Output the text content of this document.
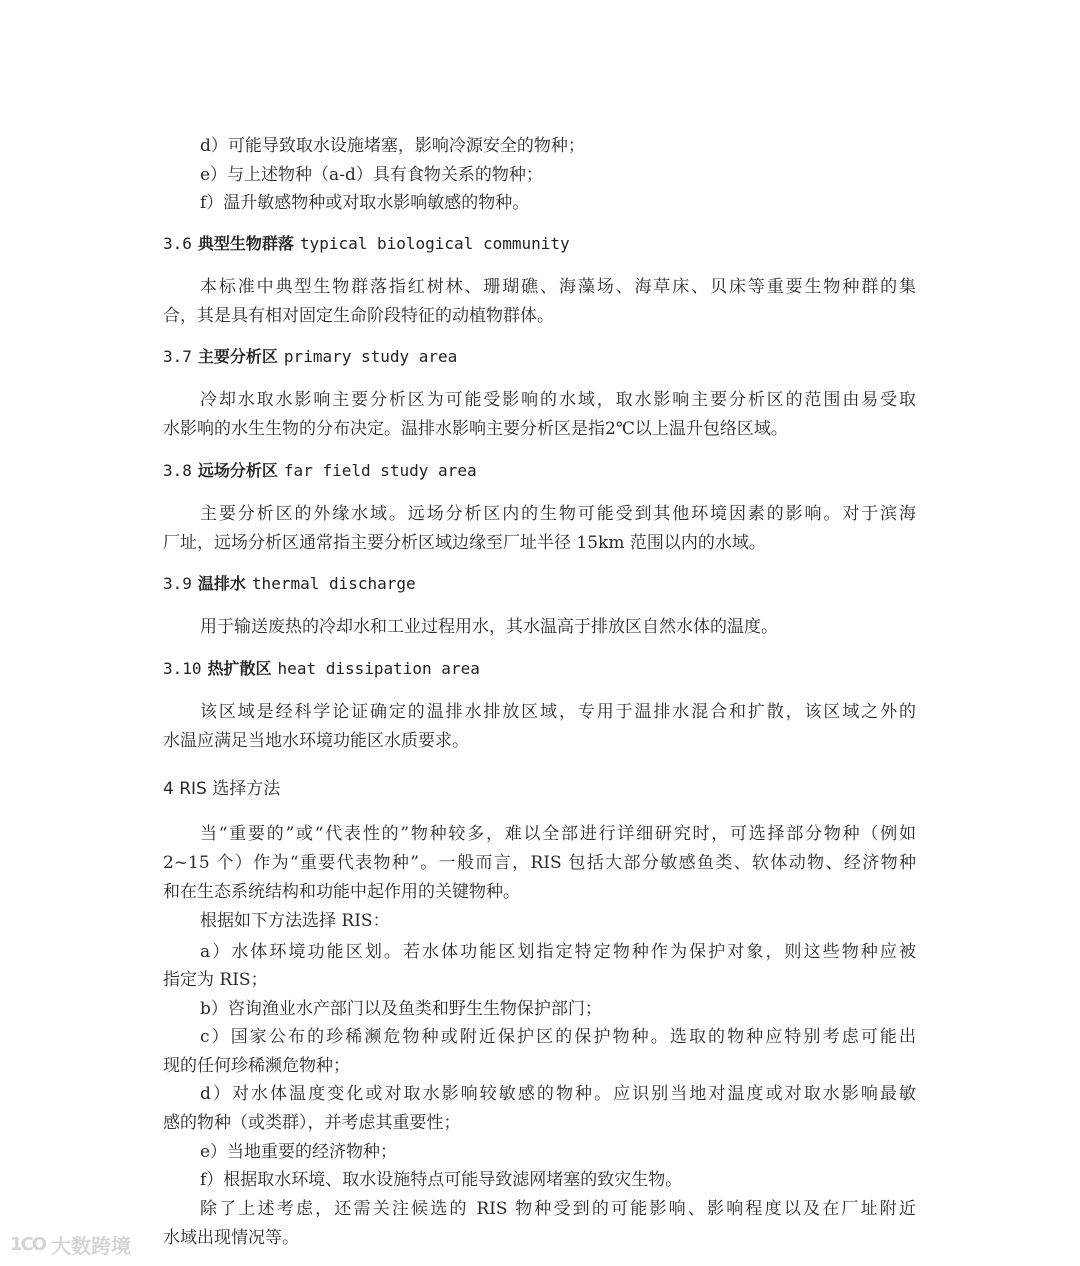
d）可能导致取水设施堵塞，影响冷源安全的物种；
e）与上述物种（a-d）具有食物关系的物种；
f）温升敏感物种或对取水影响敏感的物种。
3.6 典型生物群落 typical biological community
本标准中典型生物群落指红树林、珊瑚礁、海藻场、海草床、贝床等重要生物种群的集
合，其是具有相对固定生命阶段特征的动植物群体。
3.7 主要分析区 primary study area
冷却水取水影响主要分析区为可能受影响的水域，取水影响主要分析区的范围由易受取
水影响的水生生物的分布决定。温排水影响主要分析区是指2℃以上温升包络区域。
3.8 远场分析区 far field study area
主要分析区的外缘水域。远场分析区内的生物可能受到其他环境因素的影响。对于滨海
厂址，远场分析区通常指主要分析区域边缘至厂址半径 15km 范围以内的水域。
3.9 温排水 thermal discharge
用于输送废热的冷却水和工业过程用水，其水温高于排放区自然水体的温度。
3.10 热扩散区 heat dissipation area
该区域是经科学论证确定的温排水排放区域，专用于温排水混合和扩散，该区域之外的
水温应满足当地水环境功能区水质要求。
4 RIS 选择方法
当“重要的”或“代表性的”物种较多，难以全部进行详细研究时，可选择部分物种（例如
2~15 个）作为“重要代表物种”。一般而言，RIS 包括大部分敏感鱼类、软体动物、经济物种
和在生态系统结构和功能中起作用的关键物种。
根据如下方法选择 RIS：
a）水体环境功能区划。若水体功能区划指定特定物种作为保护对象，则这些物种应被
指定为 RIS；
b）咨询渔业水产部门以及鱼类和野生生物保护部门；
c）国家公布的珍稀濒危物种或附近保护区的保护物种。选取的物种应特别考虑可能出
现的任何珍稀濒危物种；
d）对水体温度变化或对取水影响较敏感的物种。应识别当地对温度或对取水影响最敏
感的物种（或类群），并考虑其重要性；
e）当地重要的经济物种；
f）根据取水环境、取水设施特点可能导致滤网堵塞的致灾生物。
除了上述考虑，还需关注候选的 RIS 物种受到的可能影响、影响程度以及在厂址附近
水域出现情况等。
1CO 大数跨境
